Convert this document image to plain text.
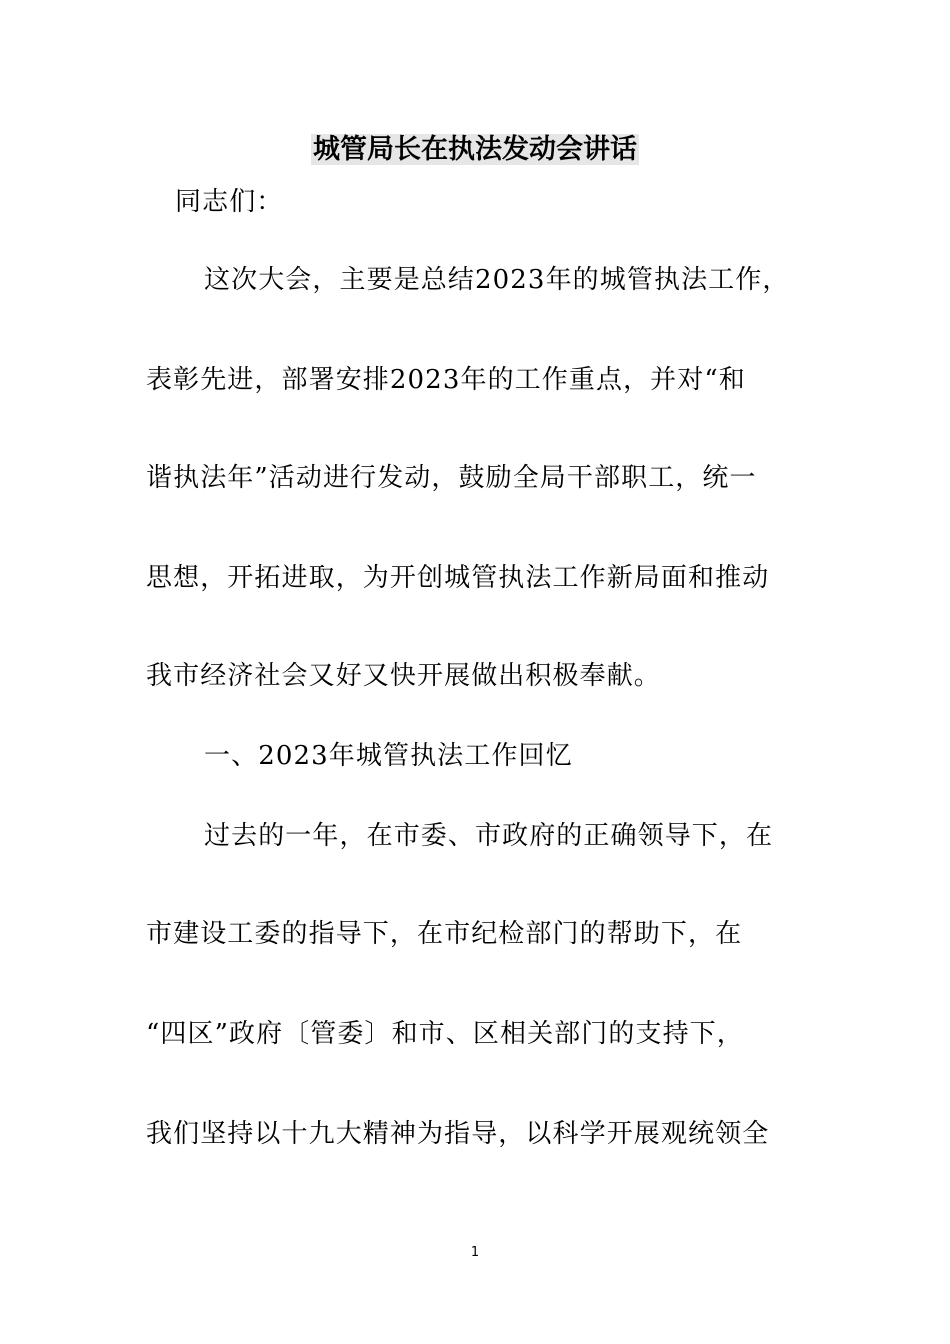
城管局长在执法发动会讲话
同志们：
这次大会，主要是总结2023年的城管执法工作，
表彰先进，部署安排2023年的工作重点，并对“和
谐执法年”活动进行发动，鼓励全局干部职工，统一
思想，开拓进取，为开创城管执法工作新局面和推动
我市经济社会又好又快开展做出积极奉献。
一、2023年城管执法工作回忆
过去的一年，在市委、市政府的正确领导下，在
市建设工委的指导下，在市纪检部门的帮助下，在
“四区”政府〔管委〕和市、区相关部门的支持下，
我们坚持以十九大精神为指导，以科学开展观统领全
1
